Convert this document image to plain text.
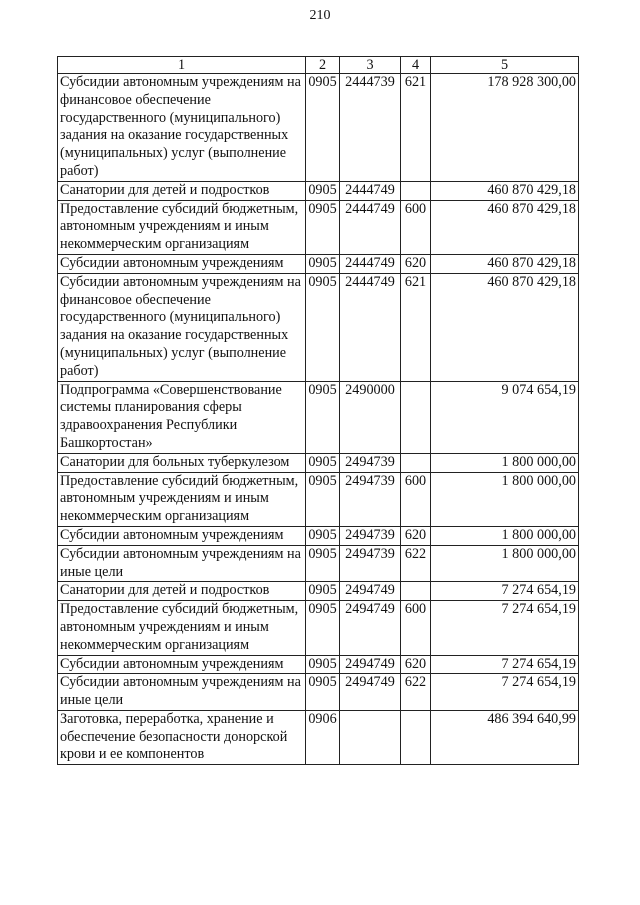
210
1	2	3	4	5
Субсидии автономным учреждениям на финансовое обеспечение государственного (муниципального) задания на оказание государственных (муниципальных) услуг (выполнение работ)	0905	2444739	621	178 928 300,00
Санатории для детей и подростков	0905	2444749		460 870 429,18
Предоставление субсидий бюджетным, автономным учреждениям и иным некоммерческим организациям	0905	2444749	600	460 870 429,18
Субсидии автономным учреждениям	0905	2444749	620	460 870 429,18
Субсидии автономным учреждениям на финансовое обеспечение государственного (муниципального) задания на оказание государственных (муниципальных) услуг (выполнение работ)	0905	2444749	621	460 870 429,18
Подпрограмма «Совершенствование системы планирования сферы здравоохранения Республики Башкортостан»	0905	2490000		9 074 654,19
Санатории для больных туберкулезом	0905	2494739		1 800 000,00
Предоставление субсидий бюджетным, автономным учреждениям и иным некоммерческим организациям	0905	2494739	600	1 800 000,00
Субсидии автономным учреждениям	0905	2494739	620	1 800 000,00
Субсидии автономным учреждениям на иные цели	0905	2494739	622	1 800 000,00
Санатории для детей и подростков	0905	2494749		7 274 654,19
Предоставление субсидий бюджетным, автономным учреждениям и иным некоммерческим организациям	0905	2494749	600	7 274 654,19
Субсидии автономным учреждениям	0905	2494749	620	7 274 654,19
Субсидии автономным учреждениям на иные цели	0905	2494749	622	7 274 654,19
Заготовка, переработка, хранение и обеспечение безопасности донорской крови и ее компонентов	0906			486 394 640,99
